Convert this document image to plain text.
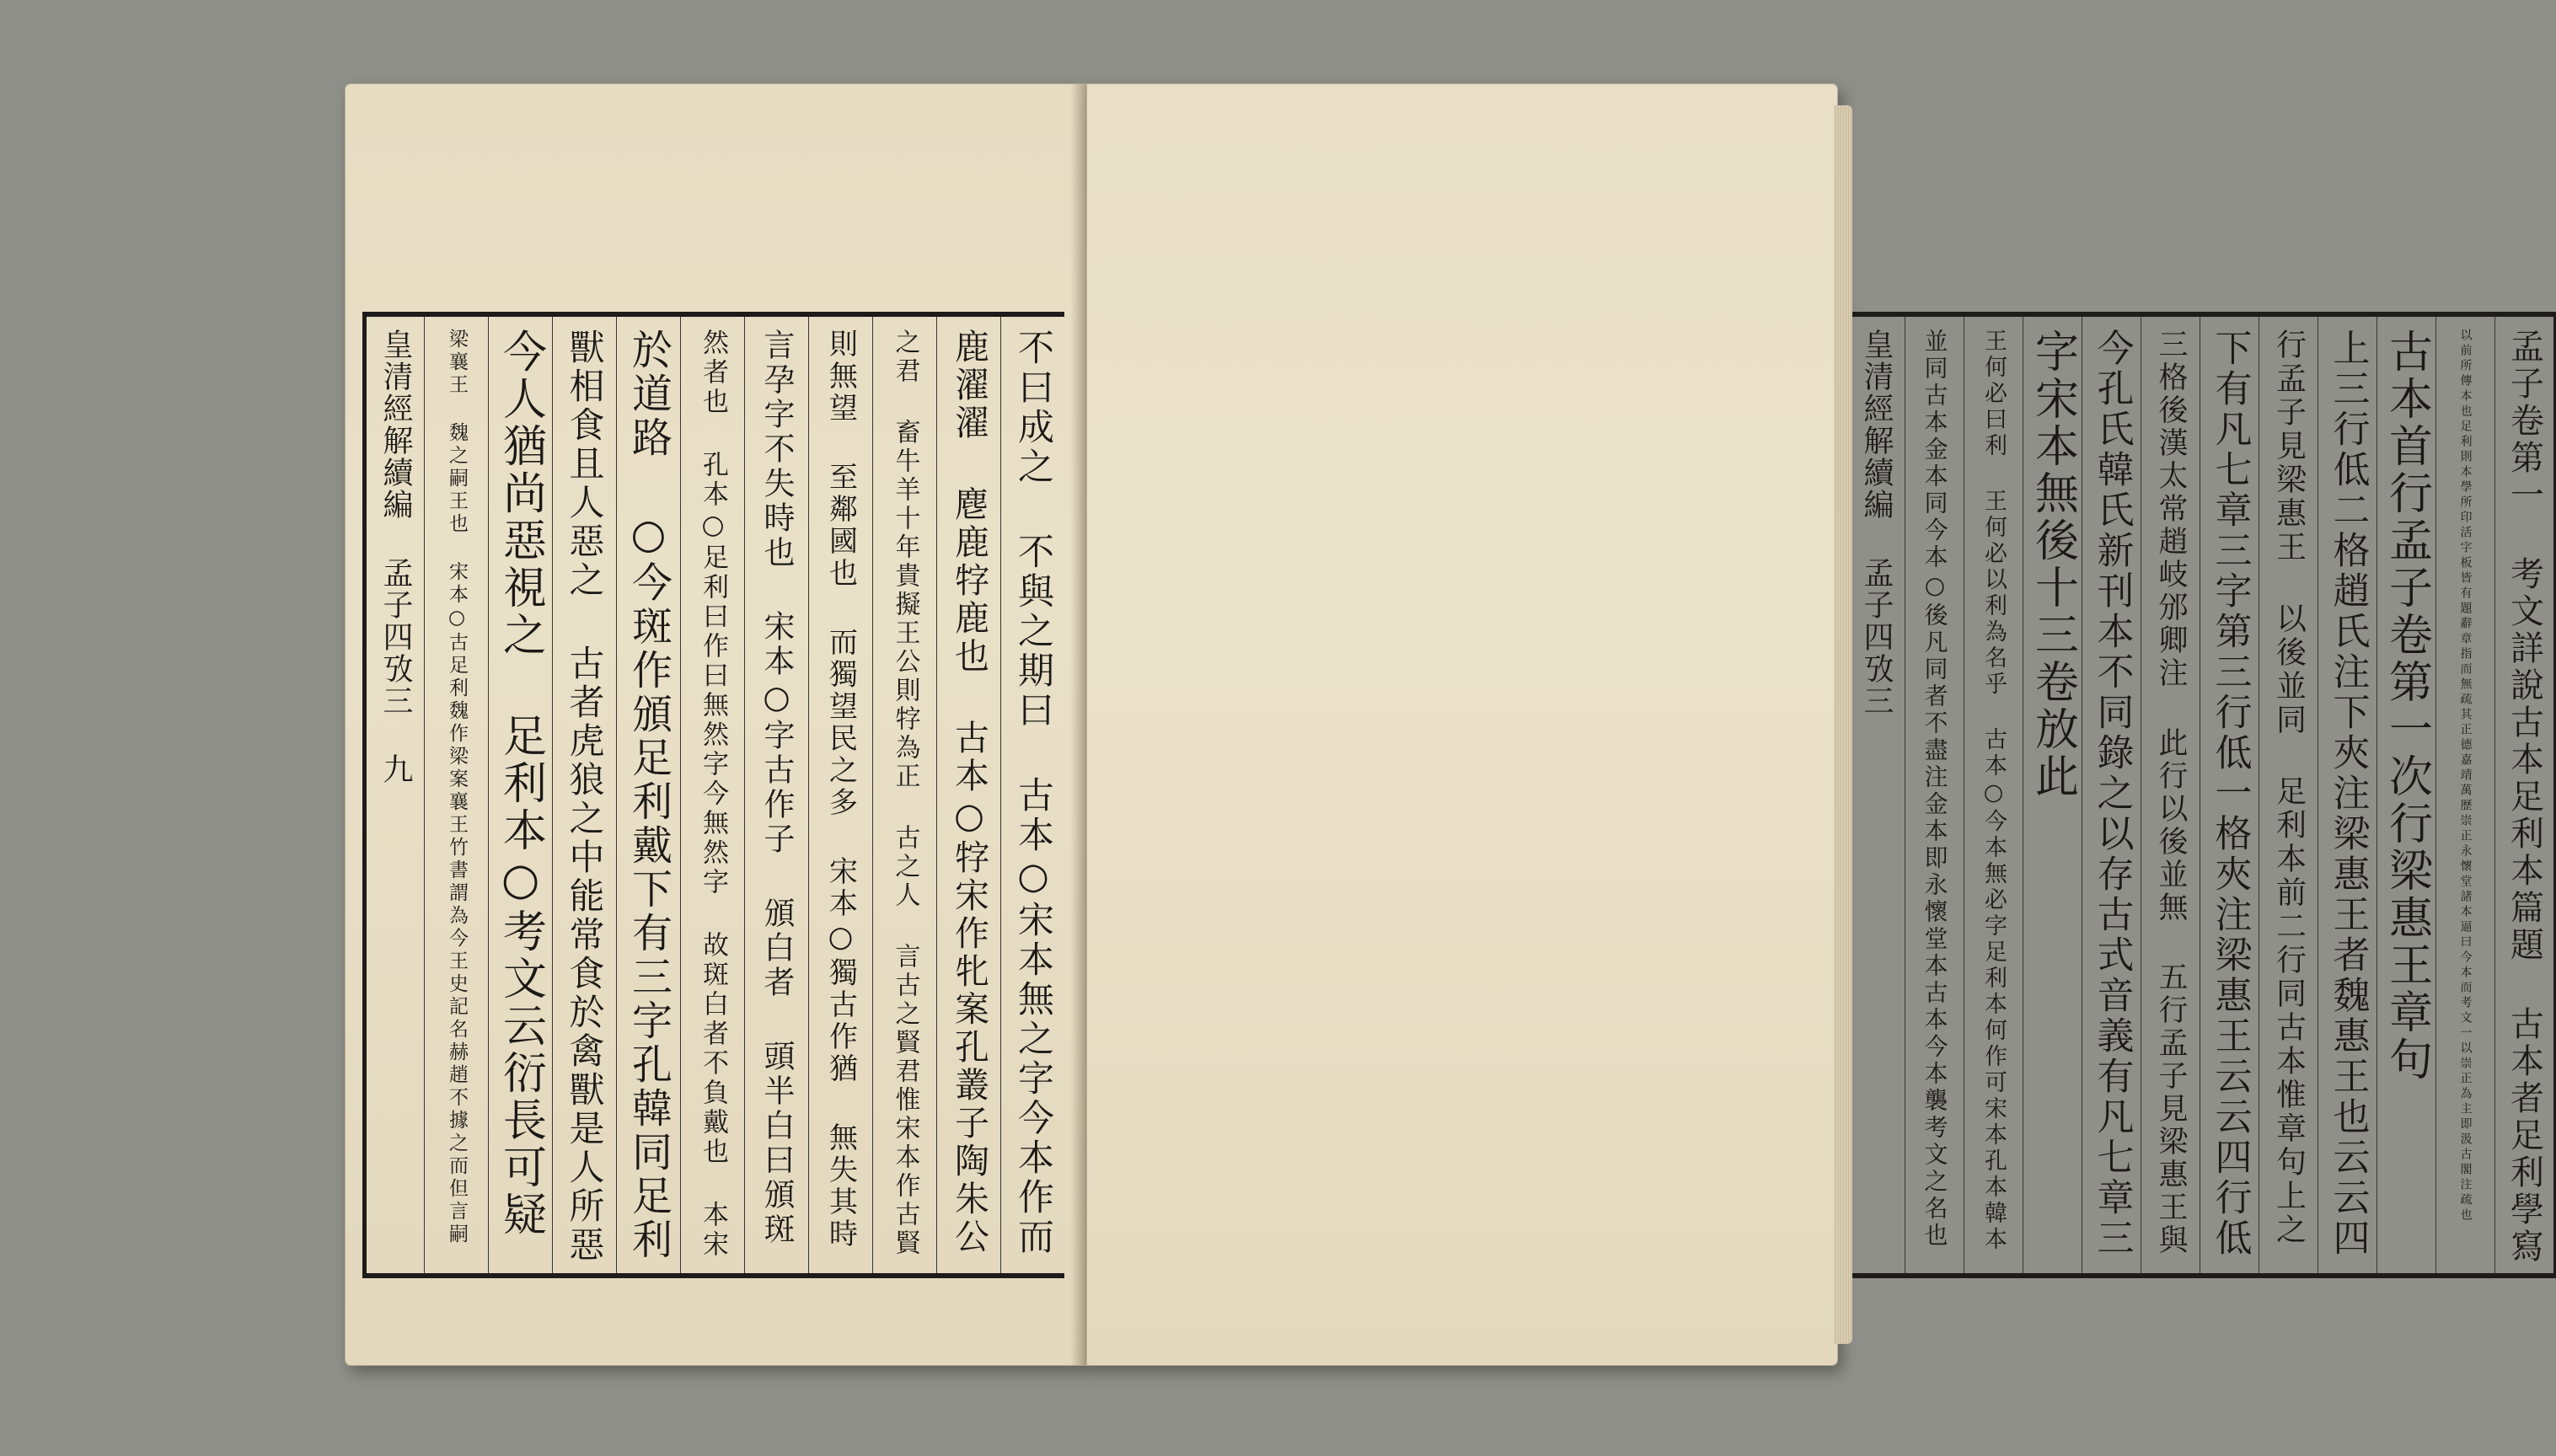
不曰成之 不與之期曰 古本○宋本無之字今本作而
鹿濯濯 麀鹿牸鹿也 古本○牸宋作牝案孔叢子陶朱公
之君 畜牛羊十年貴擬王公則牸為正 古之人 言古之賢君惟宋本作古賢
則無望 至鄰國也 而獨望民之多 宋本○獨古作猶 無失其時
言孕字不失時也 宋本○字古作子 頒白者 頭半白曰頒斑
然者也 孔本○足利曰作曰無然字今無然字 故斑白者不負戴也 本宋
於道路 ○今斑作頒足利戴下有三字孔韓同足利
獸相食且人惡之 古者虎狼之中能常食於禽獸是人所惡
今人猶尚惡視之 足利本○考文云衍長可疑
梁襄王 魏之嗣王也 宋本○古足利魏作梁案襄王竹書謂為今王史記名赫趙不據之而但言嗣
皇清經解續編 孟子四攷三 九	孟子卷第一 考文詳說古本足利本篇題 古本者足利學寫
以前所傳本也足利則本學所印活字板皆有題辭章指而無疏其正德嘉靖萬歷崇正永懷堂諸本逼曰今本而考文一以崇正為主即汲古閣注疏也
古本首行孟子卷第一次行梁惠王章句
上三行低二格趙氏注下夾注梁惠王者魏惠王也云云四
行孟子見梁惠王 以後並同 足利本前二行同古本惟章句上之
下有凡七章三字第三行低一格夾注梁惠王云云四行低
三格後漢太常趙岐邠卿注 此行以後並無 五行孟子見梁惠王與
今孔氏韓氏新刊本不同錄之以存古式音義有凡七章三
字宋本無後十三卷放此
王何必曰利 王何必以利為名乎 古本○今本無必字足利本何作可宋本孔本韓本
並同古本金本同今本○後凡同者不盡注金本即永懷堂本古本今本襲考文之名也
皇清經解續編 孟子四攷三
